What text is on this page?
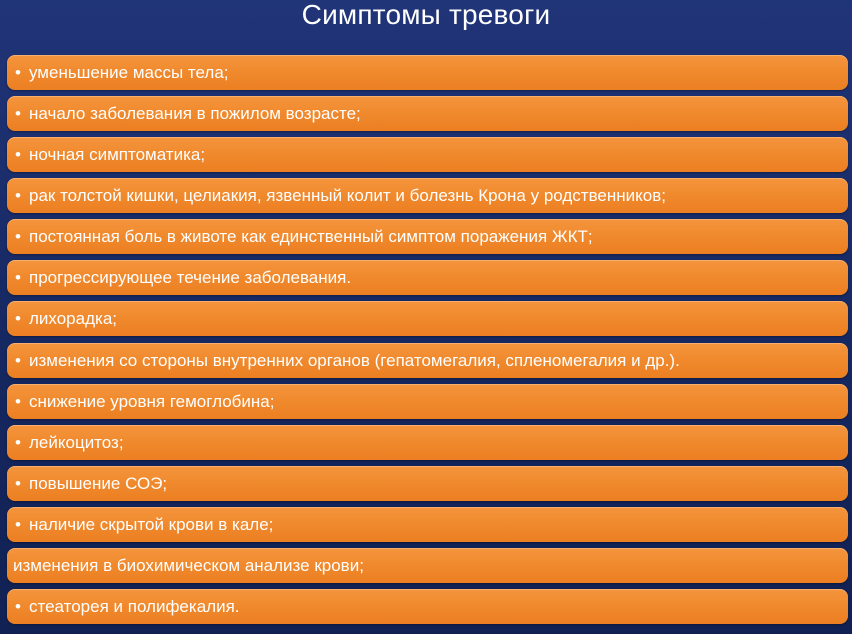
Симптомы тревоги
• уменьшение массы тела;
• начало заболевания в пожилом возрасте;
• ночная симптоматика;
• рак толстой кишки, целиакия, язвенный колит и болезнь Крона у родственников;
• постоянная боль в животе как единственный симптом поражения ЖКТ;
• прогрессирующее течение заболевания.
• лихорадка;
• изменения со стороны внутренних органов (гепатомегалия, спленомегалия и др.).
• снижение уровня гемоглобина;
• лейкоцитоз;
• повышение СОЭ;
• наличие скрытой крови в кале;
изменения в биохимическом анализе крови;
• стеаторея и полифекалия.
